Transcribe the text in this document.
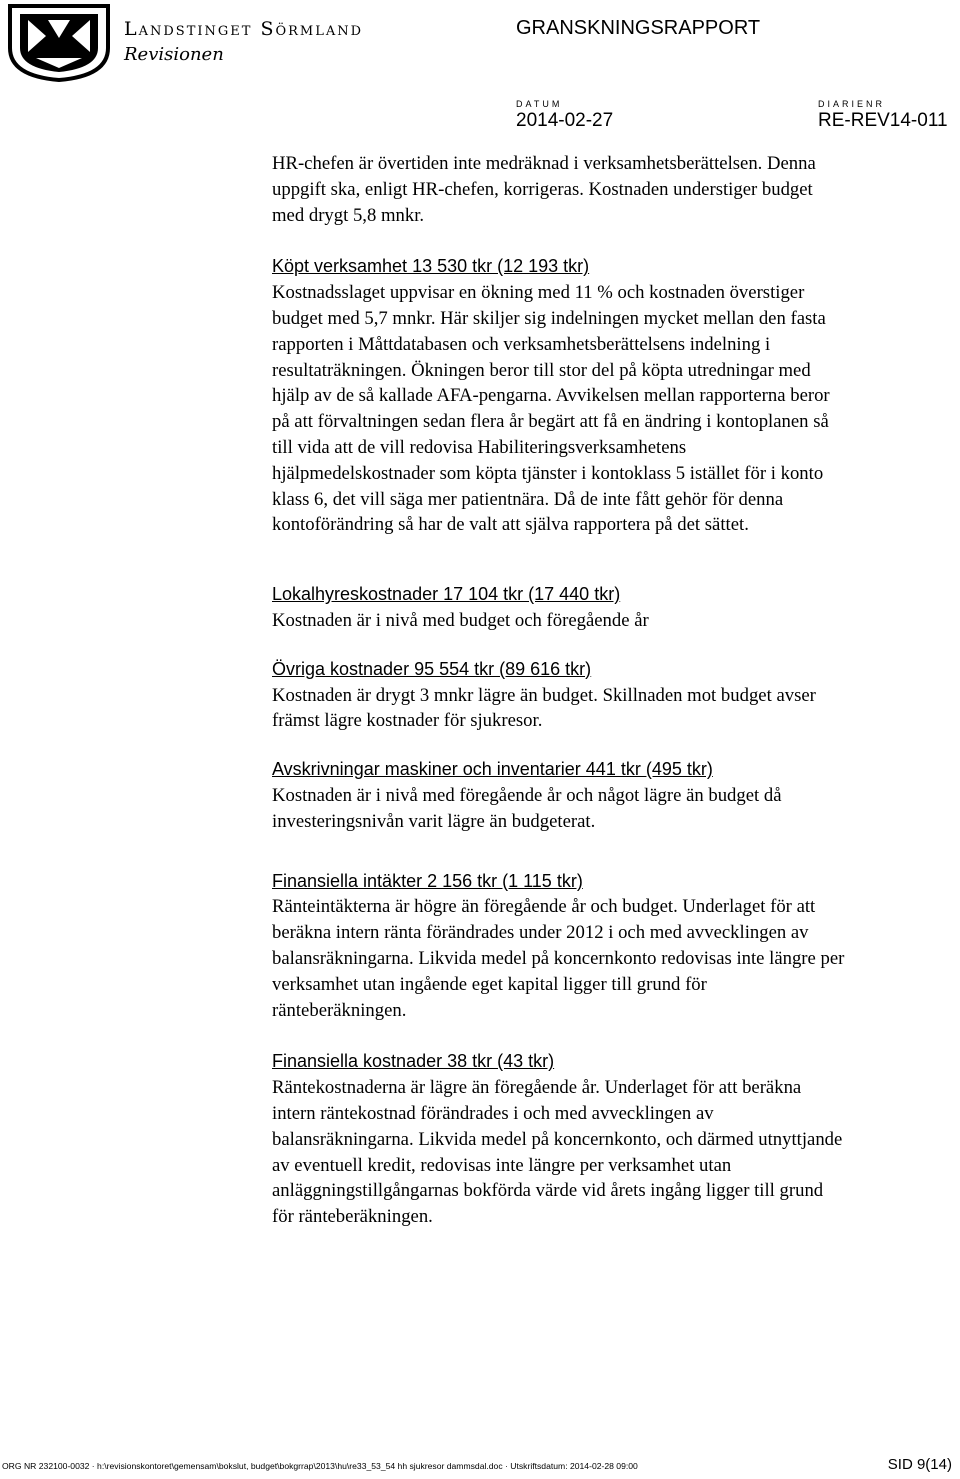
Landstinget Sörmland
Revisionen
GRANSKNINGSRAPPORT
DATUM
2014-02-27
DIARIENR
RE-REV14-011

HR-chefen är övertiden inte medräknad i verksamhetsberättelsen. Denna
uppgift ska, enligt HR-chefen, korrigeras. Kostnaden understiger budget
med drygt 5,8 mnkr.

Köpt verksamhet 13 530 tkr (12 193 tkr)

Kostnadsslaget uppvisar en ökning med 11 % och kostnaden överstiger
budget med 5,7 mnkr. Här skiljer sig indelningen mycket mellan den fasta
rapporten i Måttdatabasen och verksamhetsberättelsens indelning i
resultaträkningen. Ökningen beror till stor del på köpta utredningar med
hjälp av de så kallade AFA-pengarna. Avvikelsen mellan rapporterna beror
på att förvaltningen sedan flera år begärt att få en ändring i kontoplanen så
till vida att de vill redovisa Habiliteringsverksamhetens
hjälpmedelskostnader som köpta tjänster i kontoklass 5 istället för i konto
klass 6, det vill säga mer patientnära. Då de inte fått gehör för denna
kontoförändring så har de valt att själva rapportera på det sättet.

Lokalhyreskostnader 17 104 tkr (17 440 tkr)

Kostnaden är i nivå med budget och föregående år

Övriga kostnader 95 554 tkr (89 616 tkr)

Kostnaden är drygt 3 mnkr lägre än budget. Skillnaden mot budget avser
främst lägre kostnader för sjukresor.

Avskrivningar maskiner och inventarier 441 tkr (495 tkr)

Kostnaden är i nivå med föregående år och något lägre än budget då
investeringsnivån varit lägre än budgeterat.

Finansiella intäkter 2 156 tkr (1 115 tkr)

Ränteintäkterna är högre än föregående år och budget. Underlaget för att
beräkna intern ränta förändrades under 2012 i och med avvecklingen av
balansräkningarna. Likvida medel på koncernkonto redovisas inte längre per
verksamhet utan ingående eget kapital ligger till grund för
ränteberäkningen.

Finansiella kostnader 38 tkr (43 tkr)

Räntekostnaderna är lägre än föregående år. Underlaget för att beräkna
intern räntekostnad förändrades i och med avvecklingen av
balansräkningarna. Likvida medel på koncernkonto, och därmed utnyttjande
av eventuell kredit, redovisas inte längre per verksamhet utan
anläggningstillgångarnas bokförda värde vid årets ingång ligger till grund
för ränteberäkningen.

ORG NR 232100-0032 · h:\revisionskontoret\gemensam\bokslut, budget\bokgrrap\2013\hu\re33_53_54 hh sjukresor dammsdal.doc · Utskriftsdatum: 2014-02-28 09:00	SID 9(14)
